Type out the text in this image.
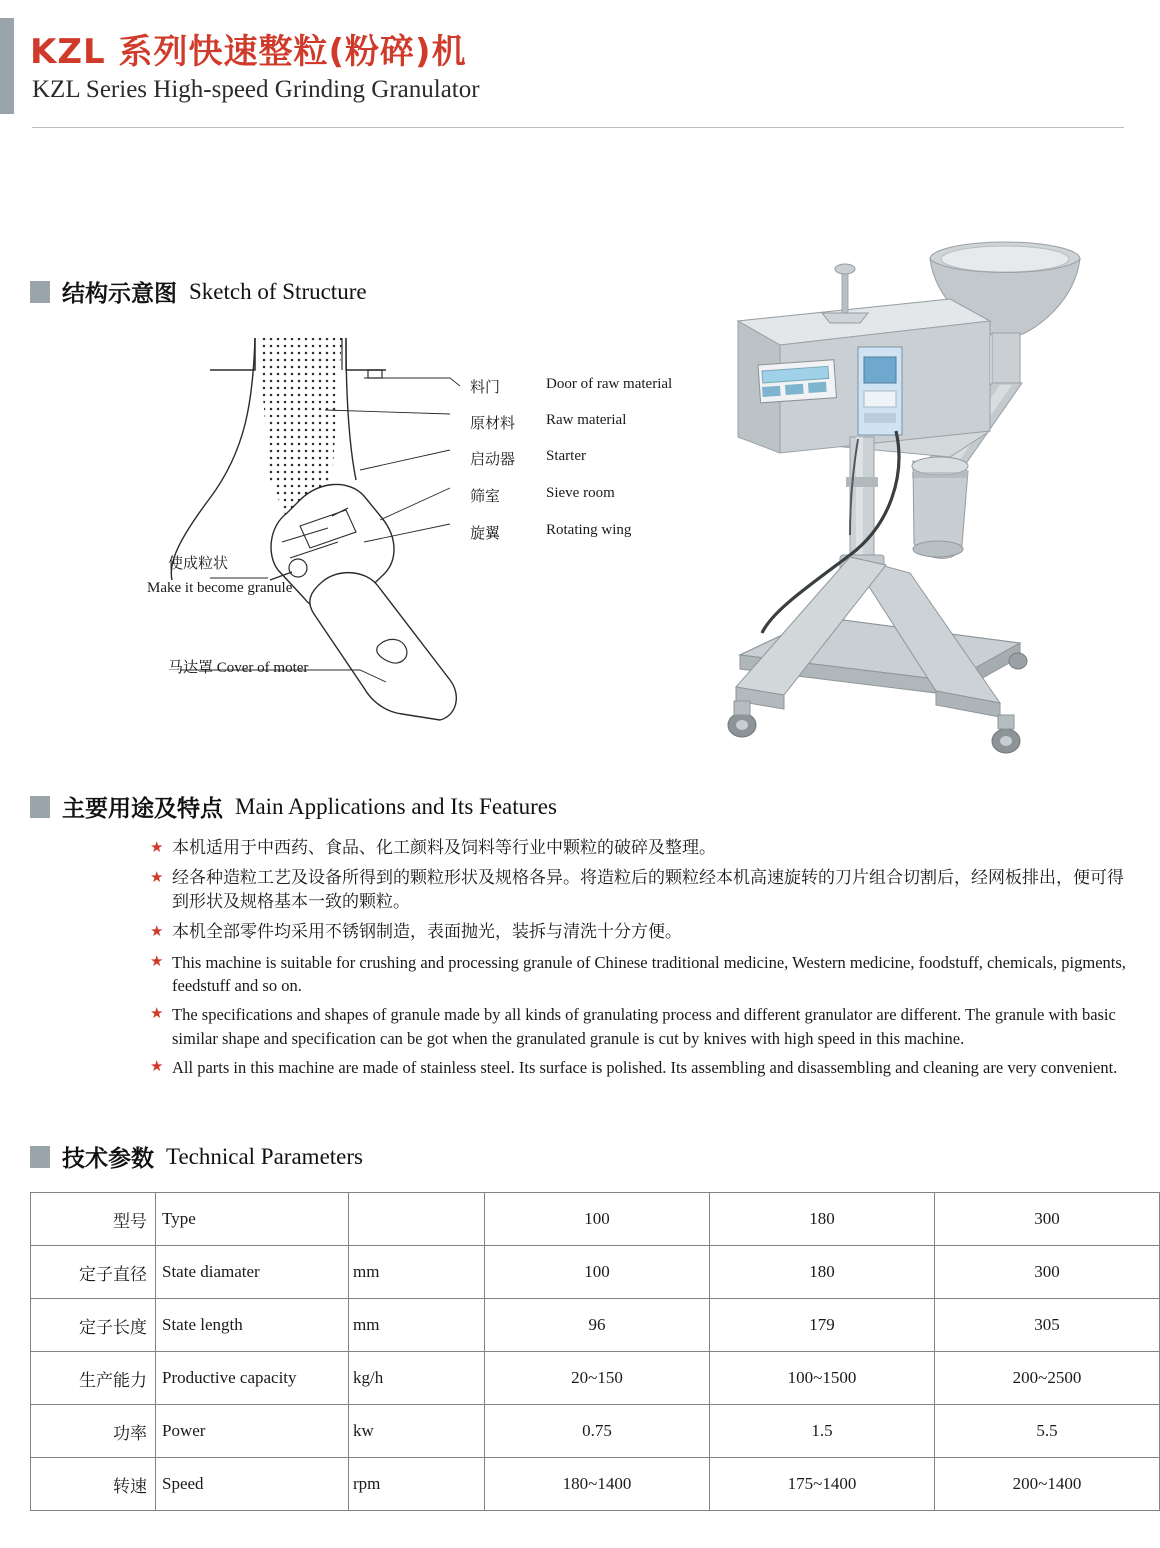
KZL 系列快速整粒(粉碎)机
KZL Series High-speed Grinding Granulator
结构示意图 Sketch of Structure
料门	Door of raw material
原材料	Raw material
启动器	Starter
筛室	Sieve room
旋翼	Rotating wing
使成粒状
Make it become granule
马达罩 Cover of moter
主要用途及特点 Main Applications and Its Features
★ 本机适用于中西药、食品、化工颜料及饲料等行业中颗粒的破碎及整理。
★ 经各种造粒工艺及设备所得到的颗粒形状及规格各异。将造粒后的颗粒经本机高速旋转的刀片组合切割后，经网板排出，便可得到形状及规格基本一致的颗粒。
★ 本机全部零件均采用不锈钢制造，表面抛光，装拆与清洗十分方便。
★ This machine is suitable for crushing and processing granule of Chinese traditional medicine, Western medicine, foodstuff, chemicals, pigments, feedstuff and so on.
★ The specifications and shapes of granule made by all kinds of granulating process and different granulator are different. The granule with basic similar shape and specification can be got when the granulated granule is cut by knives with high speed in this machine.
★ All parts in this machine are made of stainless steel. Its surface is polished. Its assembling and disassembling and cleaning are very convenient.
技术参数 Technical Parameters
型号	Type		100	180	300
定子直径	State diamater	mm	100	180	300
定子长度	State length	mm	96	179	305
生产能力	Productive capacity	kg/h	20~150	100~1500	200~2500
功率	Power	kw	0.75	1.5	5.5
转速	Speed	rpm	180~1400	175~1400	200~1400
